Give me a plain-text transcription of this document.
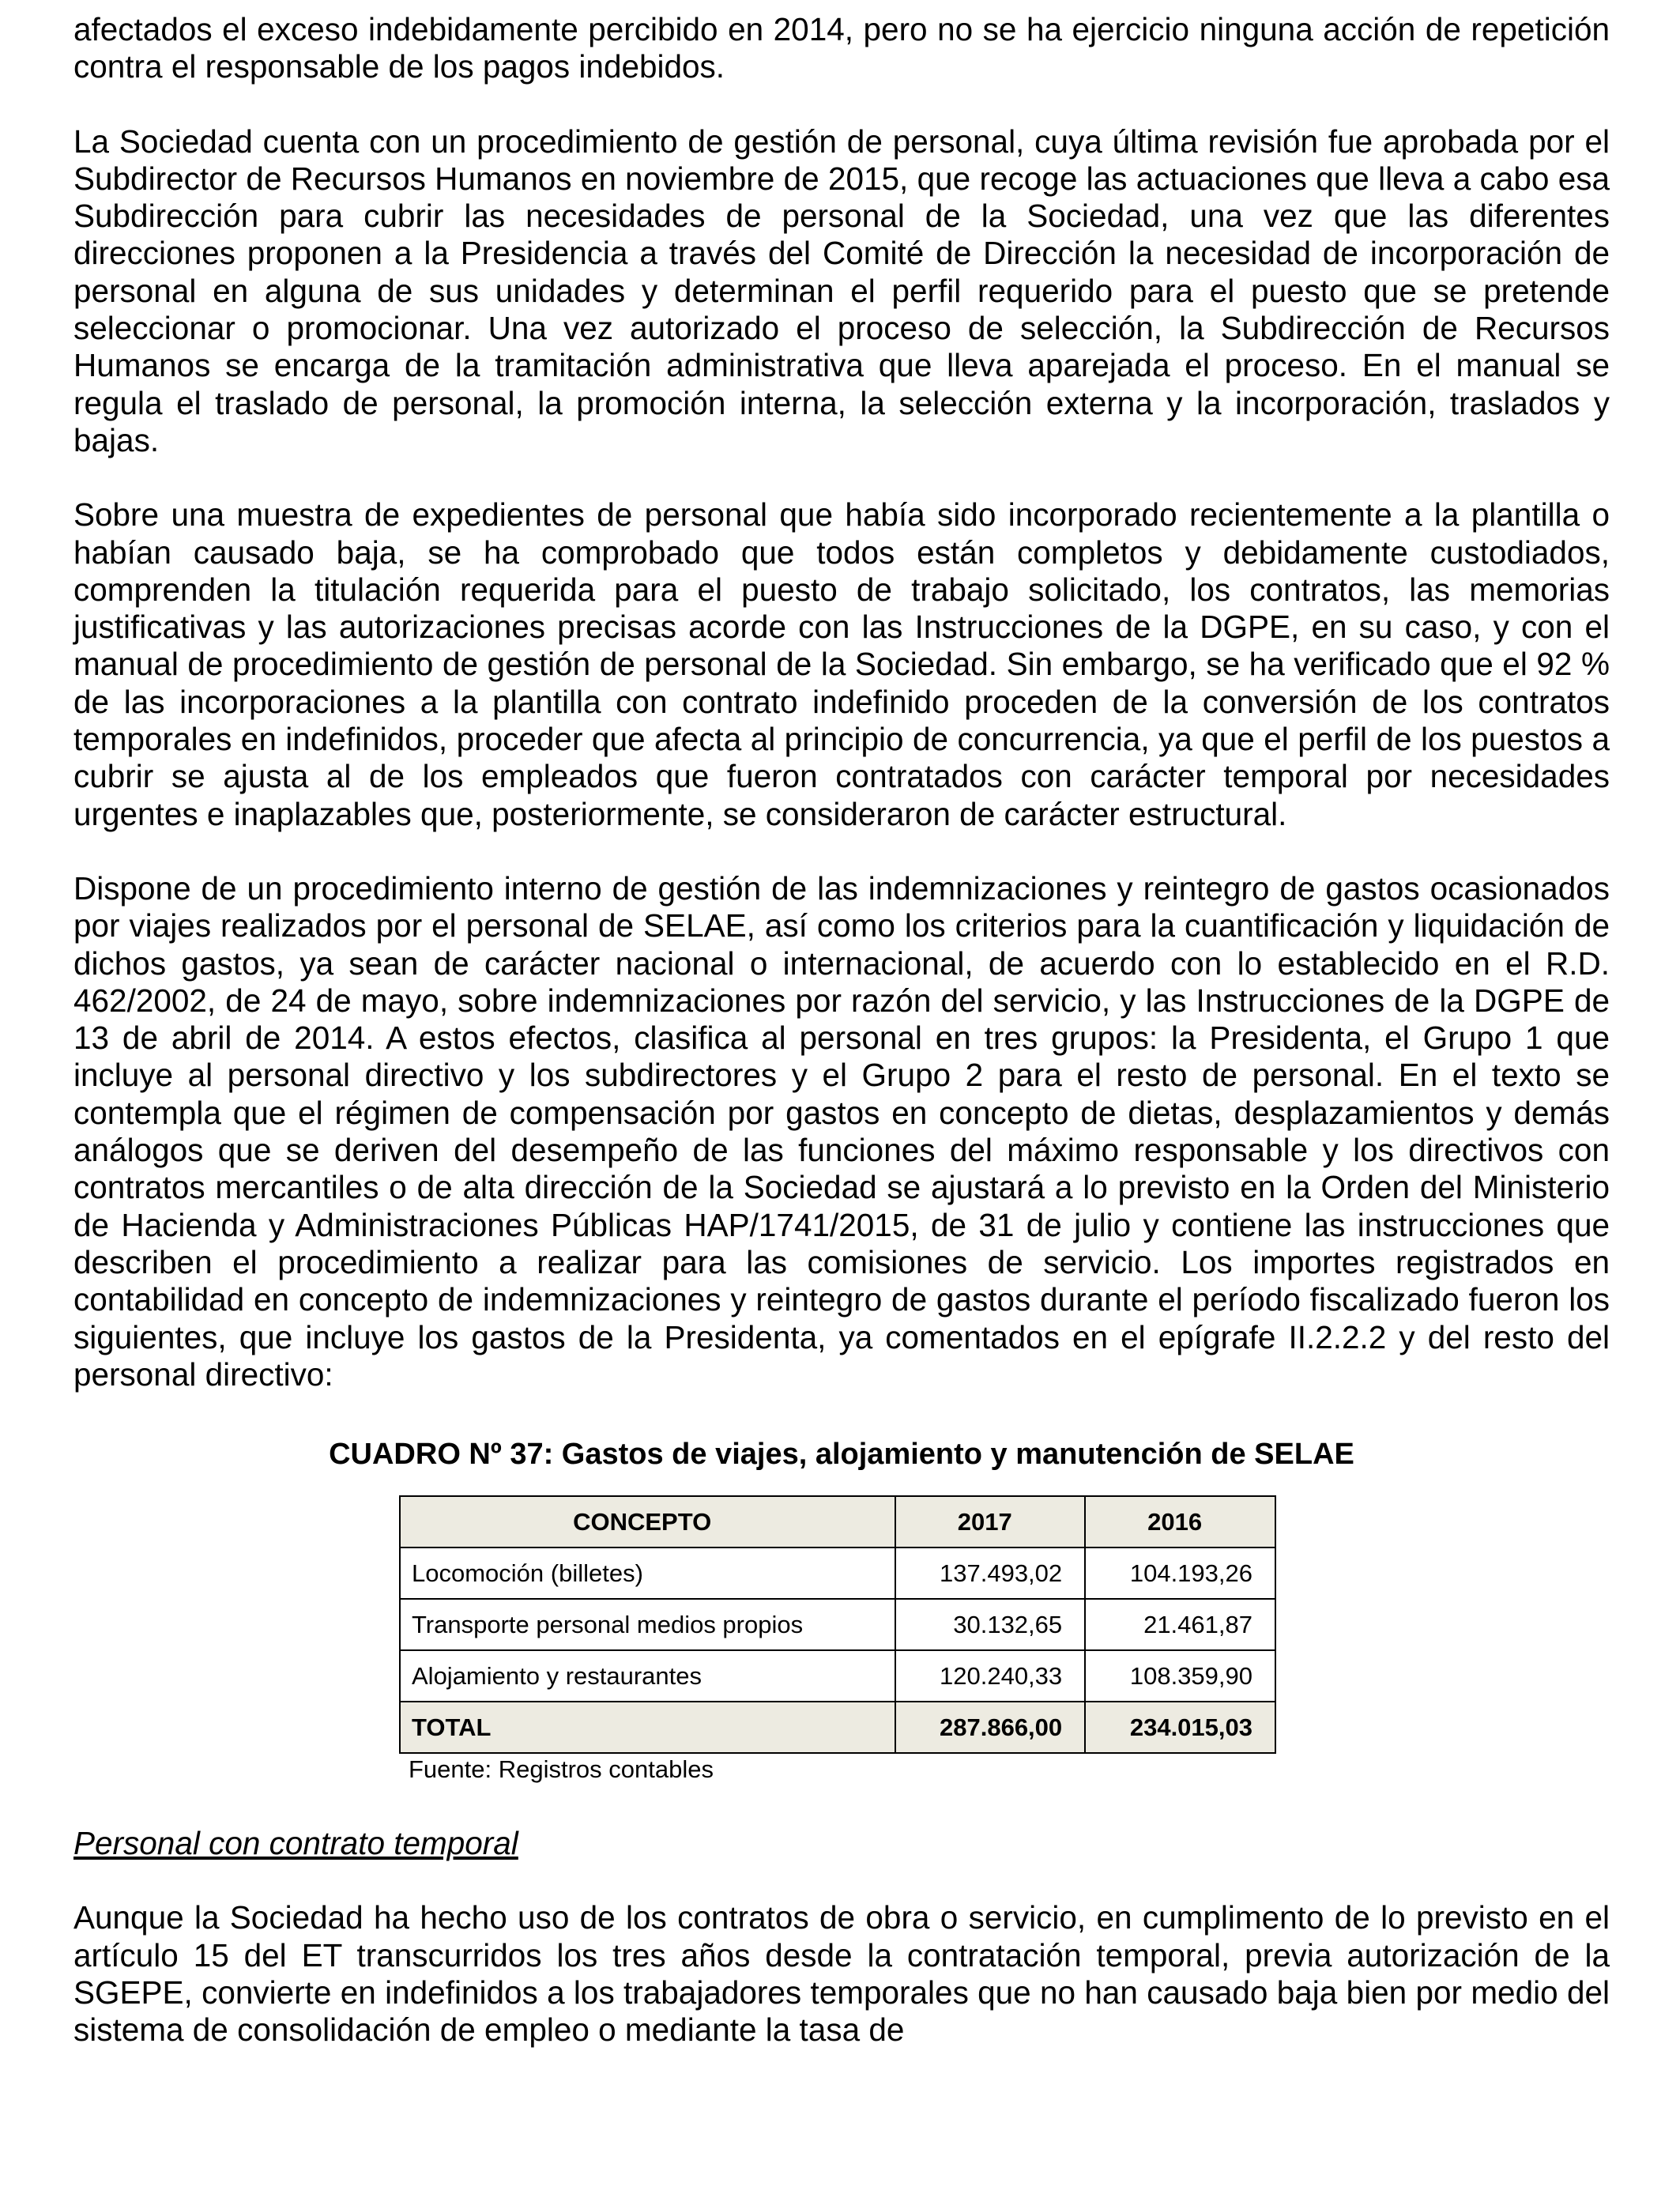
afectados el exceso indebidamente percibido en 2014, pero no se ha ejercicio ninguna acción de repetición contra el responsable de los pagos indebidos.

La Sociedad cuenta con un procedimiento de gestión de personal, cuya última revisión fue aprobada por el Subdirector de Recursos Humanos en noviembre de 2015, que recoge las actuaciones que lleva a cabo esa Subdirección para cubrir las necesidades de personal de la Sociedad, una vez que las diferentes direcciones proponen a la Presidencia a través del Comité de Dirección la necesidad de incorporación de personal en alguna de sus unidades y determinan el perfil requerido para el puesto que se pretende seleccionar o promocionar. Una vez autorizado el proceso de selección, la Subdirección de Recursos Humanos se encarga de la tramitación administrativa que lleva aparejada el proceso. En el manual se regula el traslado de personal, la promoción interna, la selección externa y la incorporación, traslados y bajas.

Sobre una muestra de expedientes de personal que había sido incorporado recientemente a la plantilla o habían causado baja, se ha comprobado que todos están completos y debidamente custodiados, comprenden la titulación requerida para el puesto de trabajo solicitado, los contratos, las memorias justificativas y las autorizaciones precisas acorde con las Instrucciones de la DGPE, en su caso, y con el manual de procedimiento de gestión de personal de la Sociedad. Sin embargo, se ha verificado que el 92 % de las incorporaciones a la plantilla con contrato indefinido proceden de la conversión de los contratos temporales en indefinidos, proceder que afecta al principio de concurrencia, ya que el perfil de los puestos a cubrir se ajusta al de los empleados que fueron contratados con carácter temporal por necesidades urgentes e inaplazables que, posteriormente, se consideraron de carácter estructural.

Dispone de un procedimiento interno de gestión de las indemnizaciones y reintegro de gastos ocasionados por viajes realizados por el personal de SELAE, así como los criterios para la cuantificación y liquidación de dichos gastos, ya sean de carácter nacional o internacional, de acuerdo con lo establecido en el R.D. 462/2002, de 24 de mayo, sobre indemnizaciones por razón del servicio, y las Instrucciones de la DGPE de 13 de abril de 2014. A estos efectos, clasifica al personal en tres grupos: la Presidenta, el Grupo 1 que incluye al personal directivo y los subdirectores y el Grupo 2 para el resto de personal. En el texto se contempla que el régimen de compensación por gastos en concepto de dietas, desplazamientos y demás análogos que se deriven del desempeño de las funciones del máximo responsable y los directivos con contratos mercantiles o de alta dirección de la Sociedad se ajustará a lo previsto en la Orden del Ministerio de Hacienda y Administraciones Públicas HAP/1741/2015, de 31 de julio y contiene las instrucciones que describen el procedimiento a realizar para las comisiones de servicio. Los importes registrados en contabilidad en concepto de indemnizaciones y reintegro de gastos durante el período fiscalizado fueron los siguientes, que incluye los gastos de la Presidenta, ya comentados en el epígrafe II.2.2.2 y del resto del personal directivo:

CUADRO Nº 37: Gastos de viajes, alojamiento y manutención de SELAE
CONCEPTO	2017	2016
Locomoción (billetes)	137.493,02	104.193,26
Transporte personal medios propios	30.132,65	21.461,87
Alojamiento y restaurantes	120.240,33	108.359,90
TOTAL	287.866,00	234.015,03
Fuente: Registros contables

Personal con contrato temporal

Aunque la Sociedad ha hecho uso de los contratos de obra o servicio, en cumplimento de lo previsto en el artículo 15 del ET transcurridos los tres años desde la contratación temporal, previa autorización de la SGEPE, convierte en indefinidos a los trabajadores temporales que no han causado baja bien por medio del sistema de consolidación de empleo o mediante la tasa de
